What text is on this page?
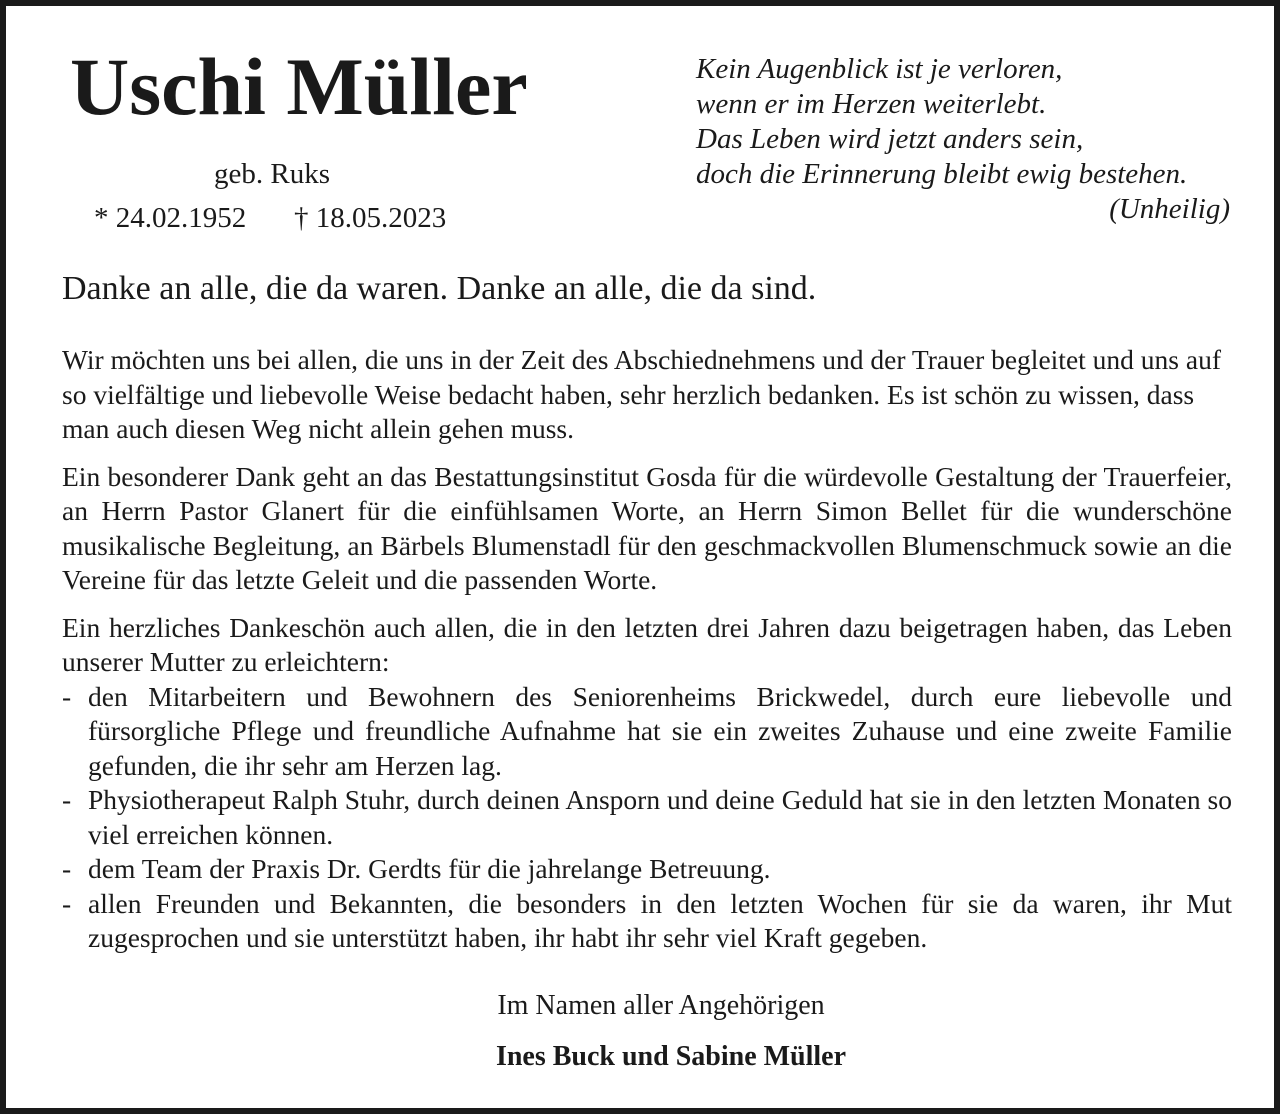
Uschi Müller
geb. Ruks
* 24.02.1952 † 18.05.2023
Kein Augenblick ist je verloren,
wenn er im Herzen weiterlebt.
Das Leben wird jetzt anders sein,
doch die Erinnerung bleibt ewig bestehen.
(Unheilig)
Danke an alle, die da waren. Danke an alle, die da sind.

Wir möchten uns bei allen, die uns in der Zeit des Abschiednehmens und der Trauer begleitet und uns auf so vielfältige und liebevolle Weise bedacht haben, sehr herzlich bedanken. Es ist schön zu wissen, dass man auch diesen Weg nicht allein gehen muss.

Ein besonderer Dank geht an das Bestattungsinstitut Gosda für die würdevolle Gestaltung der Trauerfeier, an Herrn Pastor Glanert für die einfühlsamen Worte, an Herrn Simon Bellet für die wunderschöne musikalische Begleitung, an Bärbels Blumenstadl für den geschmackvollen Blumenschmuck sowie an die Vereine für das letzte Geleit und die passenden Worte.

Ein herzliches Dankeschön auch allen, die in den letzten drei Jahren dazu beigetragen haben, das Leben unserer Mutter zu erleichtern:

- den Mitarbeitern und Bewohnern des Seniorenheims Brickwedel, durch eure liebevolle und fürsorgliche Pflege und freundliche Aufnahme hat sie ein zweites Zuhause und eine zweite Familie gefunden, die ihr sehr am Herzen lag.
- Physiotherapeut Ralph Stuhr, durch deinen Ansporn und deine Geduld hat sie in den letzten Monaten so viel erreichen können.
- dem Team der Praxis Dr. Gerdts für die jahrelange Betreuung.
- allen Freunden und Bekannten, die besonders in den letzten Wochen für sie da waren, ihr Mut zugesprochen und sie unterstützt haben, ihr habt ihr sehr viel Kraft gegeben.
Im Namen aller Angehörigen
Ines Buck und Sabine Müller
